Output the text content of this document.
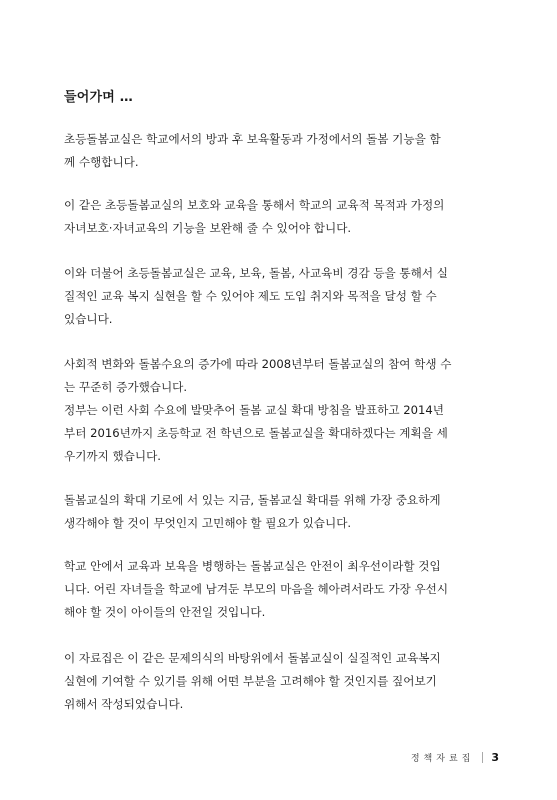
들어가며 …

초등돌봄교실은 학교에서의 방과 후 보육활동과 가정에서의 돌봄 기능을 함
께 수행합니다.

이 같은 초등돌봄교실의 보호와 교육을 통해서 학교의 교육적 목적과 가정의
자녀보호·자녀교육의 기능을 보완해 줄 수 있어야 합니다.

이와 더불어 초등돌봄교실은 교육, 보육, 돌봄, 사교육비 경감 등을 통해서 실
질적인 교육 복지 실현을 할 수 있어야 제도 도입 취지와 목적을 달성 할 수
있습니다.

사회적 변화와 돌봄수요의 증가에 따라 2008년부터 돌봄교실의 참여 학생 수
는 꾸준히 증가했습니다.
정부는 이런 사회 수요에 발맞추어 돌봄 교실 확대 방침을 발표하고 2014년
부터 2016년까지 초등학교 전 학년으로 돌봄교실을 확대하겠다는 계획을 세
우기까지 했습니다.

돌봄교실의 확대 기로에 서 있는 지금, 돌봄교실 확대를 위해 가장 중요하게
생각해야 할 것이 무엇인지 고민해야 할 필요가 있습니다.

학교 안에서 교육과 보육을 병행하는 돌봄교실은 안전이 최우선이라할 것입
니다. 어린 자녀들을 학교에 남겨둔 부모의 마음을 헤아려서라도 가장 우선시
해야 할 것이 아이들의 안전일 것입니다.

이 자료집은 이 같은 문제의식의 바탕위에서 돌봄교실이 실질적인 교육복지
실현에 기여할 수 있기를 위해 어떤 부분을 고려해야 할 것인지를 짚어보기
위해서 작성되었습니다.

정책자료집 3
